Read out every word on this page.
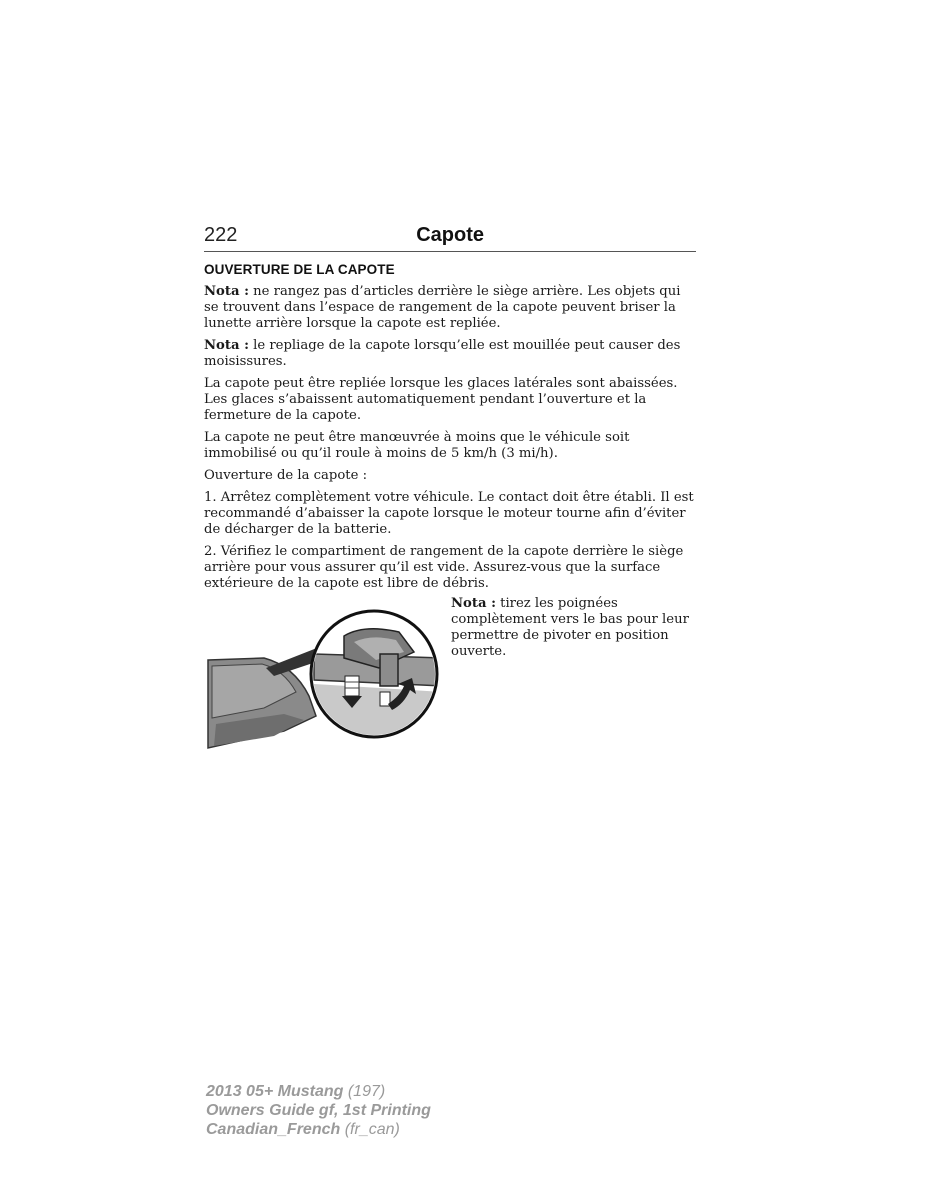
222	Capote
OUVERTURE DE LA CAPOTE

Nota : ne rangez pas d’articles derrière le siège arrière. Les objets qui se trouvent dans l’espace de rangement de la capote peuvent briser la lunette arrière lorsque la capote est repliée.

Nota : le repliage de la capote lorsqu’elle est mouillée peut causer des moisissures.

La capote peut être repliée lorsque les glaces latérales sont abaissées. Les glaces s’abaissent automatiquement pendant l’ouverture et la fermeture de la capote.

La capote ne peut être manœuvrée à moins que le véhicule soit immobilisé ou qu’il roule à moins de 5 km/h (3 mi/h).

Ouverture de la capote :

1. Arrêtez complètement votre véhicule. Le contact doit être établi. Il est recommandé d’abaisser la capote lorsque le moteur tourne afin d’éviter de décharger de la batterie.

2. Vérifiez le compartiment de rangement de la capote derrière le siège arrière pour vous assurer qu’il est vide. Assurez-vous que la surface extérieure de la capote est libre de débris.

Nota : tirez les poignées complètement vers le bas pour leur permettre de pivoter en position ouverte.
2013 05+ Mustang (197)
Owners Guide gf, 1st Printing
Canadian_French (fr_can)
